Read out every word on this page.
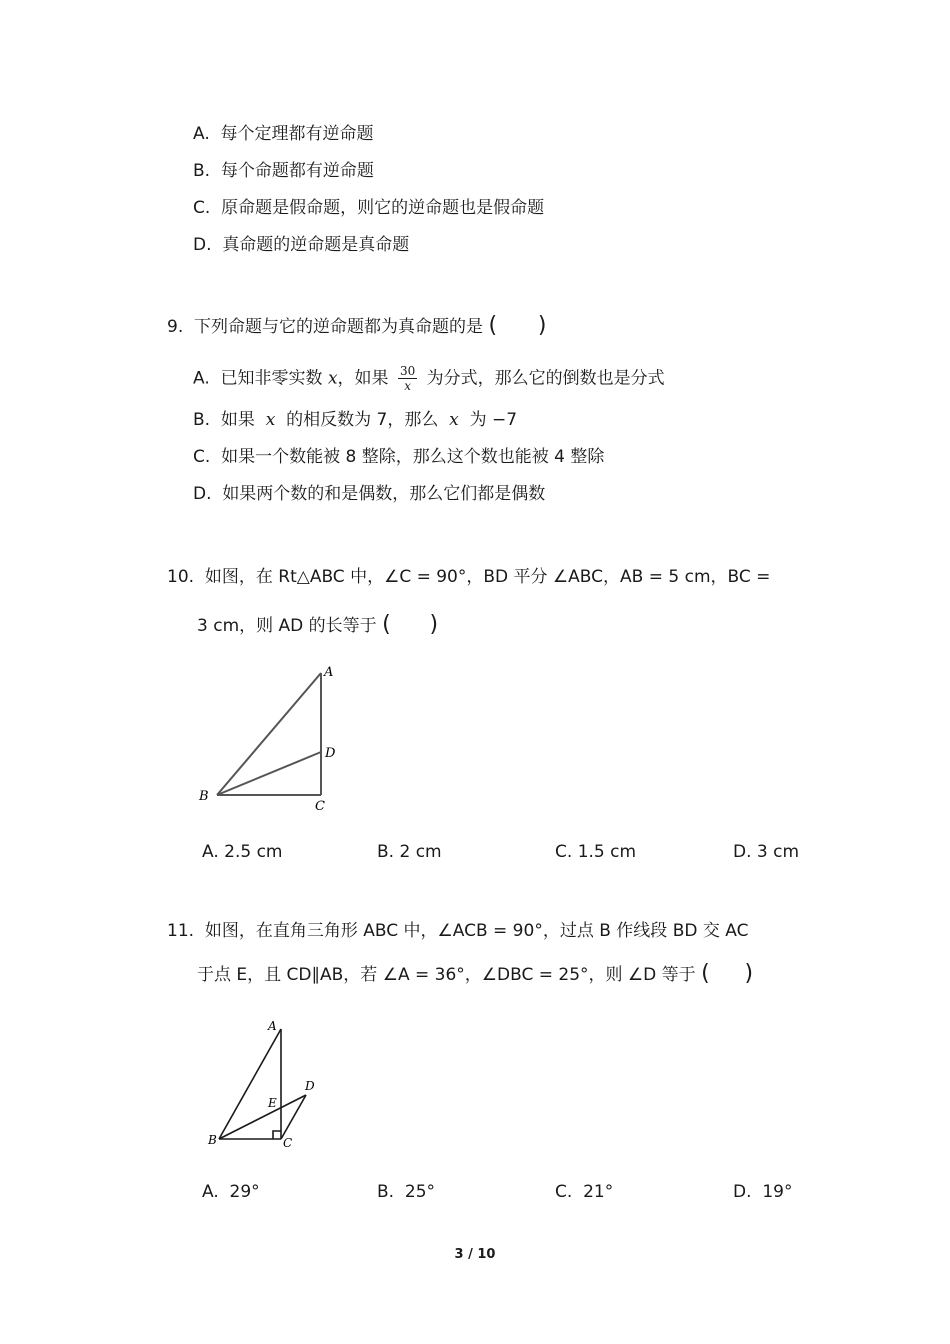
A. 每个定理都有逆命题
B. 每个命题都有逆命题
C. 原命题是假命题，则它的逆命题也是假命题
D. 真命题的逆命题是真命题
9. 下列命题与它的逆命题都为真命题的是 ( )
A. 已知非零实数 x，如果 $\frac{30}{x}$ 为分式，那么它的倒数也是分式
B. 如果 x 的相反数为 7，那么 x 为 −7
C. 如果一个数能被 8 整除，那么这个数也能被 4 整除
D. 如果两个数的和是偶数，那么它们都是偶数
10. 如图，在 Rt△ABC 中，∠C = 90°，BD 平分 ∠ABC，AB = 5 cm，BC =
3 cm，则 AD 的长等于 ( )
A
B
C
D
A. 2.5 cm	B. 2 cm	C. 1.5 cm	D. 3 cm
11. 如图，在直角三角形 ABC 中，∠ACB = 90°，过点 B 作线段 BD 交 AC
于点 E，且 CD∥AB，若 ∠A = 36°，∠DBC = 25°，则 ∠D 等于 ( )
A
B	C
D
E
A. 29°	B. 25°	C. 21°	D. 19°
3 / 10
